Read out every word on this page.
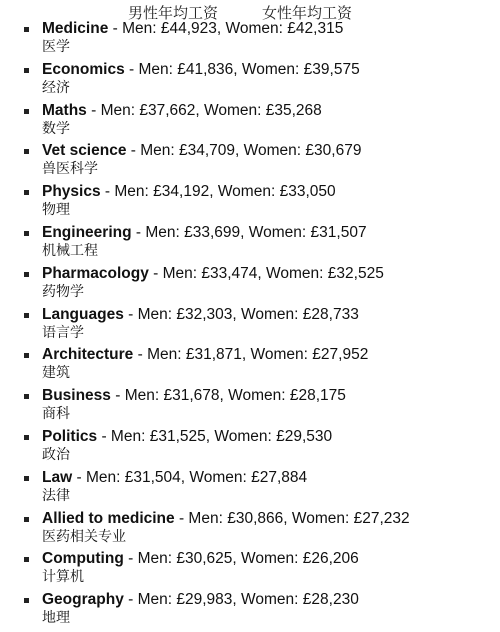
男性年均工资	女性年均工资
Medicine - Men: £44,923, Women: £42,315
医学
Economics - Men: £41,836, Women: £39,575
经济
Maths - Men: £37,662, Women: £35,268
数学
Vet science - Men: £34,709, Women: £30,679
兽医科学
Physics - Men: £34,192, Women: £33,050
物理
Engineering - Men: £33,699, Women: £31,507
机械工程
Pharmacology - Men: £33,474, Women: £32,525
药物学
Languages - Men: £32,303, Women: £28,733
语言学
Architecture - Men: £31,871, Women: £27,952
建筑
Business - Men: £31,678, Women: £28,175
商科
Politics - Men: £31,525, Women: £29,530
政治
Law - Men: £31,504, Women: £27,884
法律
Allied to medicine - Men: £30,866, Women: £27,232
医药相关专业
Computing - Men: £30,625, Women: £26,206
计算机
Geography - Men: £29,983, Women: £28,230
地理
